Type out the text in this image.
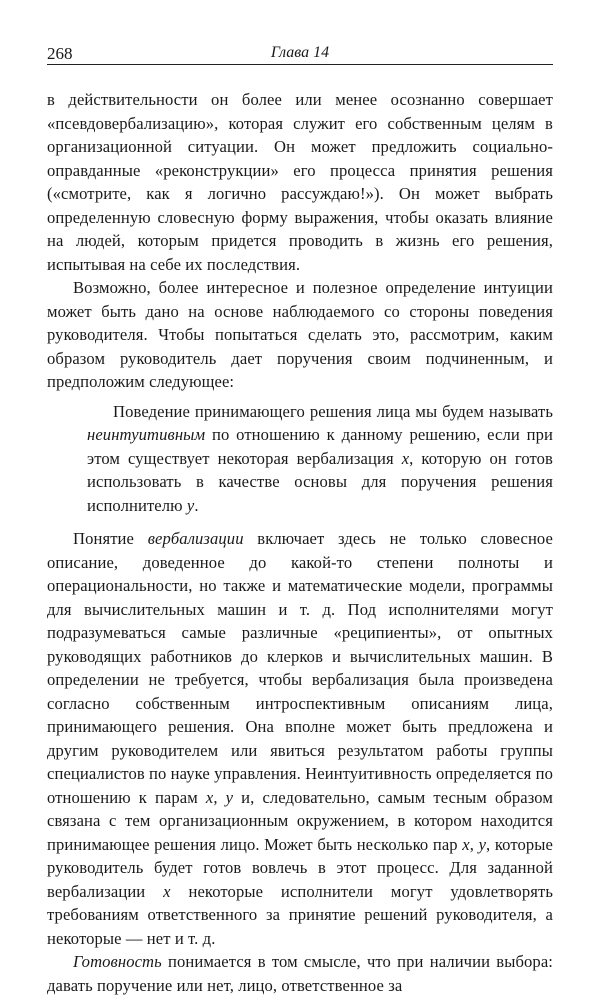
268	Глава 14

в действительности он более или менее осознанно совершает «псевдовербализацию», которая служит его собственным целям в организационной ситуации. Он может предложить социально-оправданные «реконструкции» его процесса принятия решения («смотрите, как я логично рассуждаю!»). Он может выбрать определенную словесную форму выражения, чтобы оказать влияние на людей, которым придется проводить в жизнь его решения, испытывая на себе их последствия.

Возможно, более интересное и полезное определение интуиции может быть дано на основе наблюдаемого со стороны поведения руководителя. Чтобы попытаться сделать это, рассмотрим, каким образом руководитель дает поручения своим подчиненным, и предположим следующее:

Поведение принимающего решения лица мы будем называть неинтуитивным по отношению к данному решению, если при этом существует некоторая вербализация x, которую он готов использовать в качестве основы для поручения решения исполнителю y.

Понятие вербализации включает здесь не только словесное описание, доведенное до какой-то степени полноты и операциональности, но также и математические модели, программы для вычислительных машин и т. д. Под исполнителями могут подразумеваться самые различные «реципиенты», от опытных руководящих работников до клерков и вычислительных машин. В определении не требуется, чтобы вербализация была произведена согласно собственным интроспективным описаниям лица, принимающего решения. Она вполне может быть предложена и другим руководителем или явиться результатом работы группы специалистов по науке управления. Неинтуитивность определяется по отношению к парам x, y и, следовательно, самым тесным образом связана с тем организационным окружением, в котором находится принимающее решения лицо. Может быть несколько пар x, y, которые руководитель будет готов вовлечь в этот процесс. Для заданной вербализации x некоторые исполнители могут удовлетворять требованиям ответственного за принятие решений руководителя, а некоторые — нет и т. д.

Готовность понимается в том смысле, что при наличии выбора: давать поручение или нет, лицо, ответственное за
